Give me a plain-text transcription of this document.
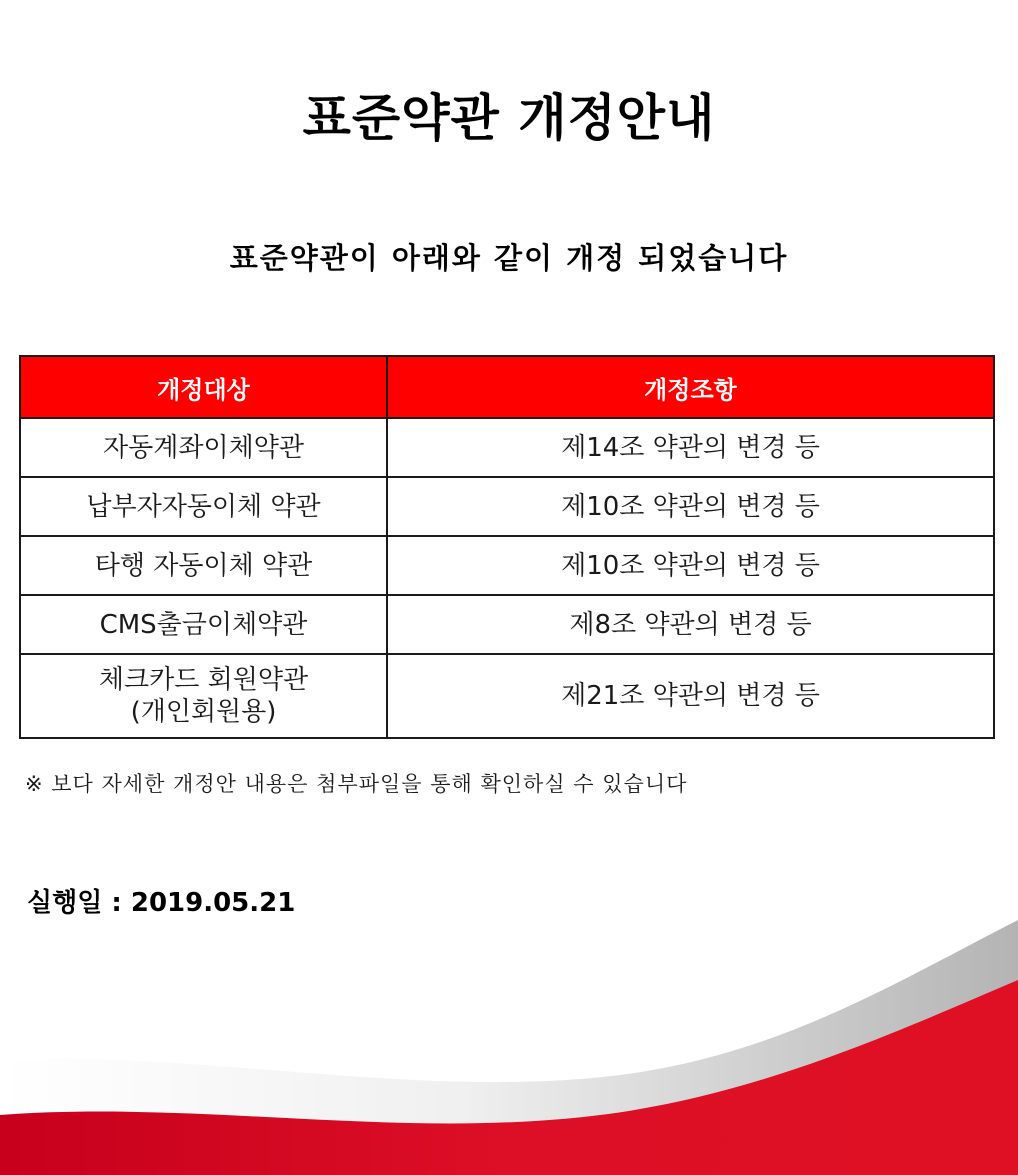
표준약관 개정안내
표준약관이 아래와 같이 개정 되었습니다
개정대상	개정조항
자동계좌이체약관	제14조 약관의 변경 등
납부자자동이체 약관	제10조 약관의 변경 등
타행 자동이체 약관	제10조 약관의 변경 등
CMS출금이체약관	제8조 약관의 변경 등

체크카드 회원약관
(개인회원용)	제21조 약관의 변경 등
※ 보다 자세한 개정안 내용은 첨부파일을 통해 확인하실 수 있습니다
실행일 : 2019.05.21
